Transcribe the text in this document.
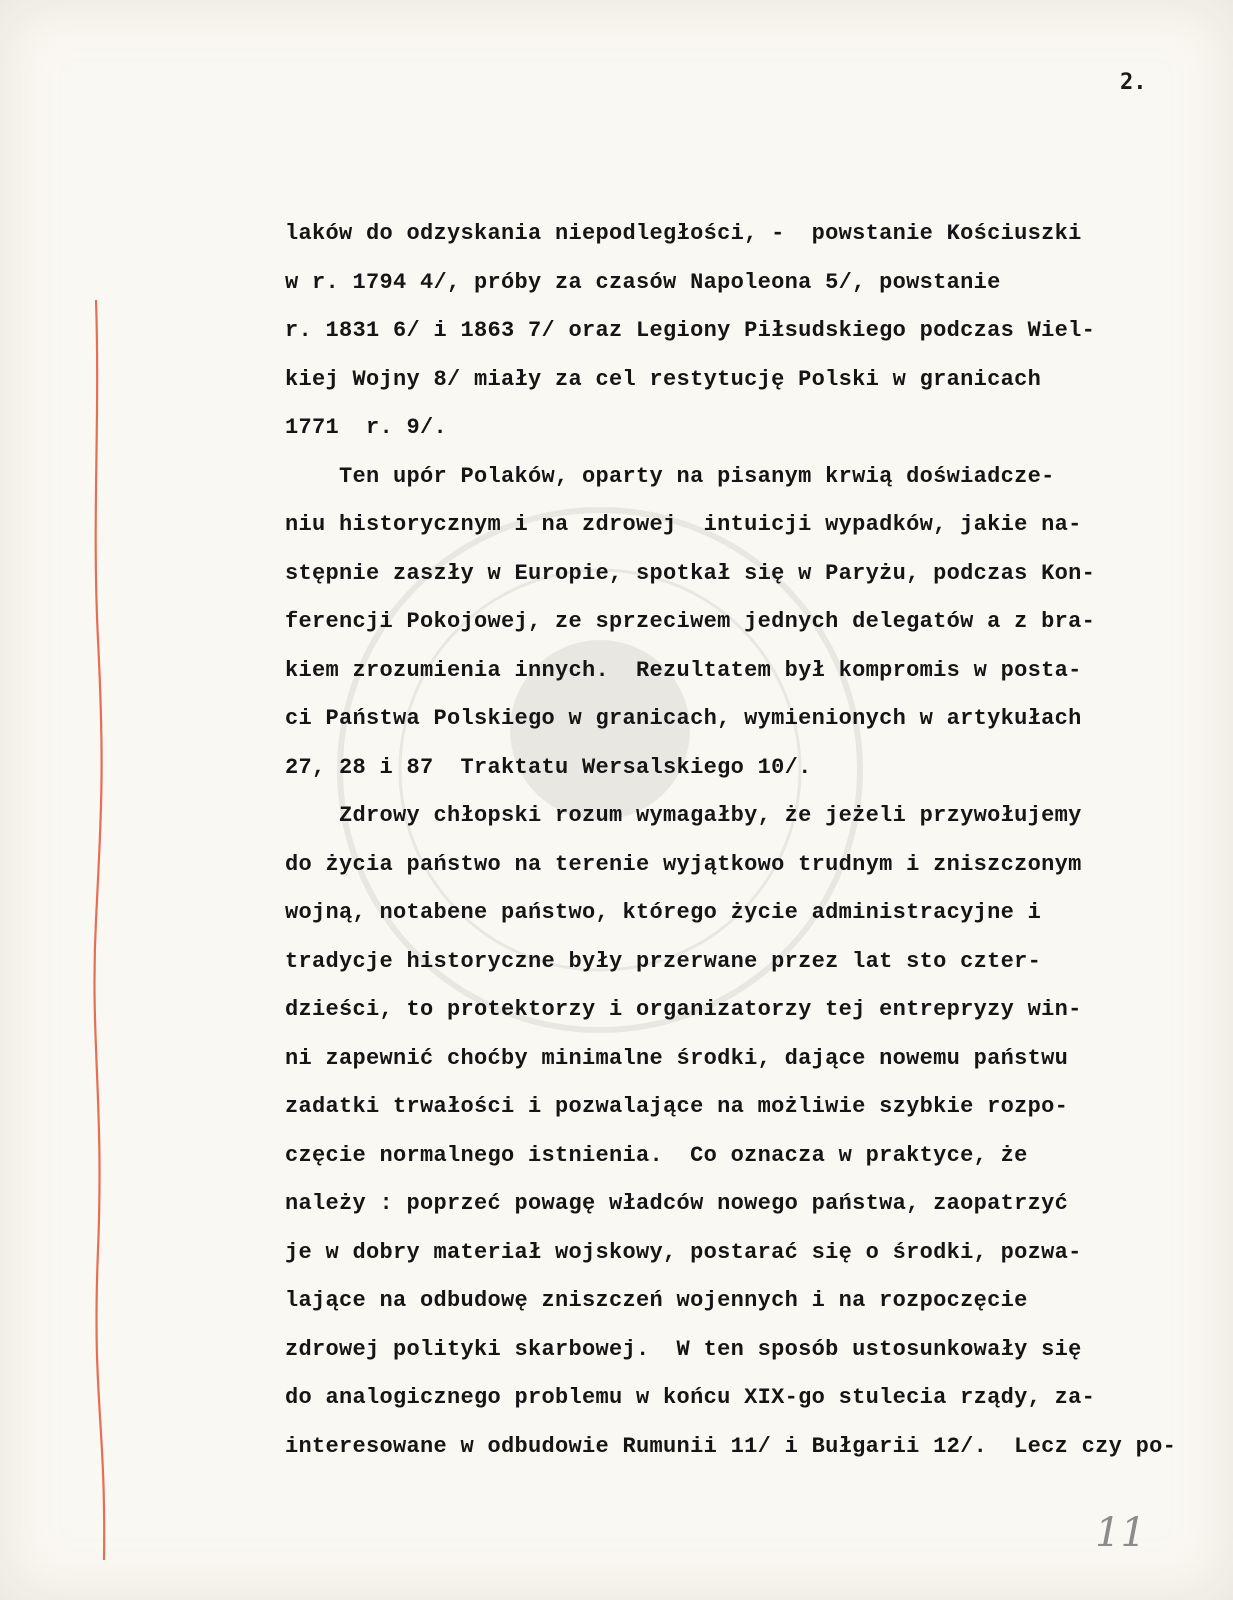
2.
laków do odzyskania niepodległości, -  powstanie Kościuszki
w r. 1794 4/, próby za czasów Napoleona 5/, powstanie
r. 1831 6/ i 1863 7/ oraz Legiony Piłsudskiego podczas Wiel-
kiej Wojny 8/ miały za cel restytucję Polski w granicach
1771  r. 9/.
Ten upór Polaków, oparty na pisanym krwią doświadcze-
niu historycznym i na zdrowej  intuicji wypadków, jakie na-
stępnie zaszły w Europie, spotkał się w Paryżu, podczas Kon-
ferencji Pokojowej, ze sprzeciwem jednych delegatów a z bra-
kiem zrozumienia innych.  Rezultatem był kompromis w posta-
ci Państwa Polskiego w granicach, wymienionych w artykułach
27, 28 i 87  Traktatu Wersalskiego 10/.
Zdrowy chłopski rozum wymagałby, że jeżeli przywołujemy
do życia państwo na terenie wyjątkowo trudnym i zniszczonym
wojną, notabene państwo, którego życie administracyjne i
tradycje historyczne były przerwane przez lat sto czter-
dzieści, to protektorzy i organizatorzy tej entrepryzy win-
ni zapewnić choćby minimalne środki, dające nowemu państwu
zadatki trwałości i pozwalające na możliwie szybkie rozpo-
częcie normalnego istnienia.  Co oznacza w praktyce, że
należy : poprzeć powagę władców nowego państwa, zaopatrzyć
je w dobry materiał wojskowy, postarać się o środki, pozwa-
lające na odbudowę zniszczeń wojennych i na rozpoczęcie
zdrowej polityki skarbowej.  W ten sposób ustosunkowały się
do analogicznego problemu w końcu XIX-go stulecia rządy, za-
interesowane w odbudowie Rumunii 11/ i Bułgarii 12/.  Lecz czy po-
11
